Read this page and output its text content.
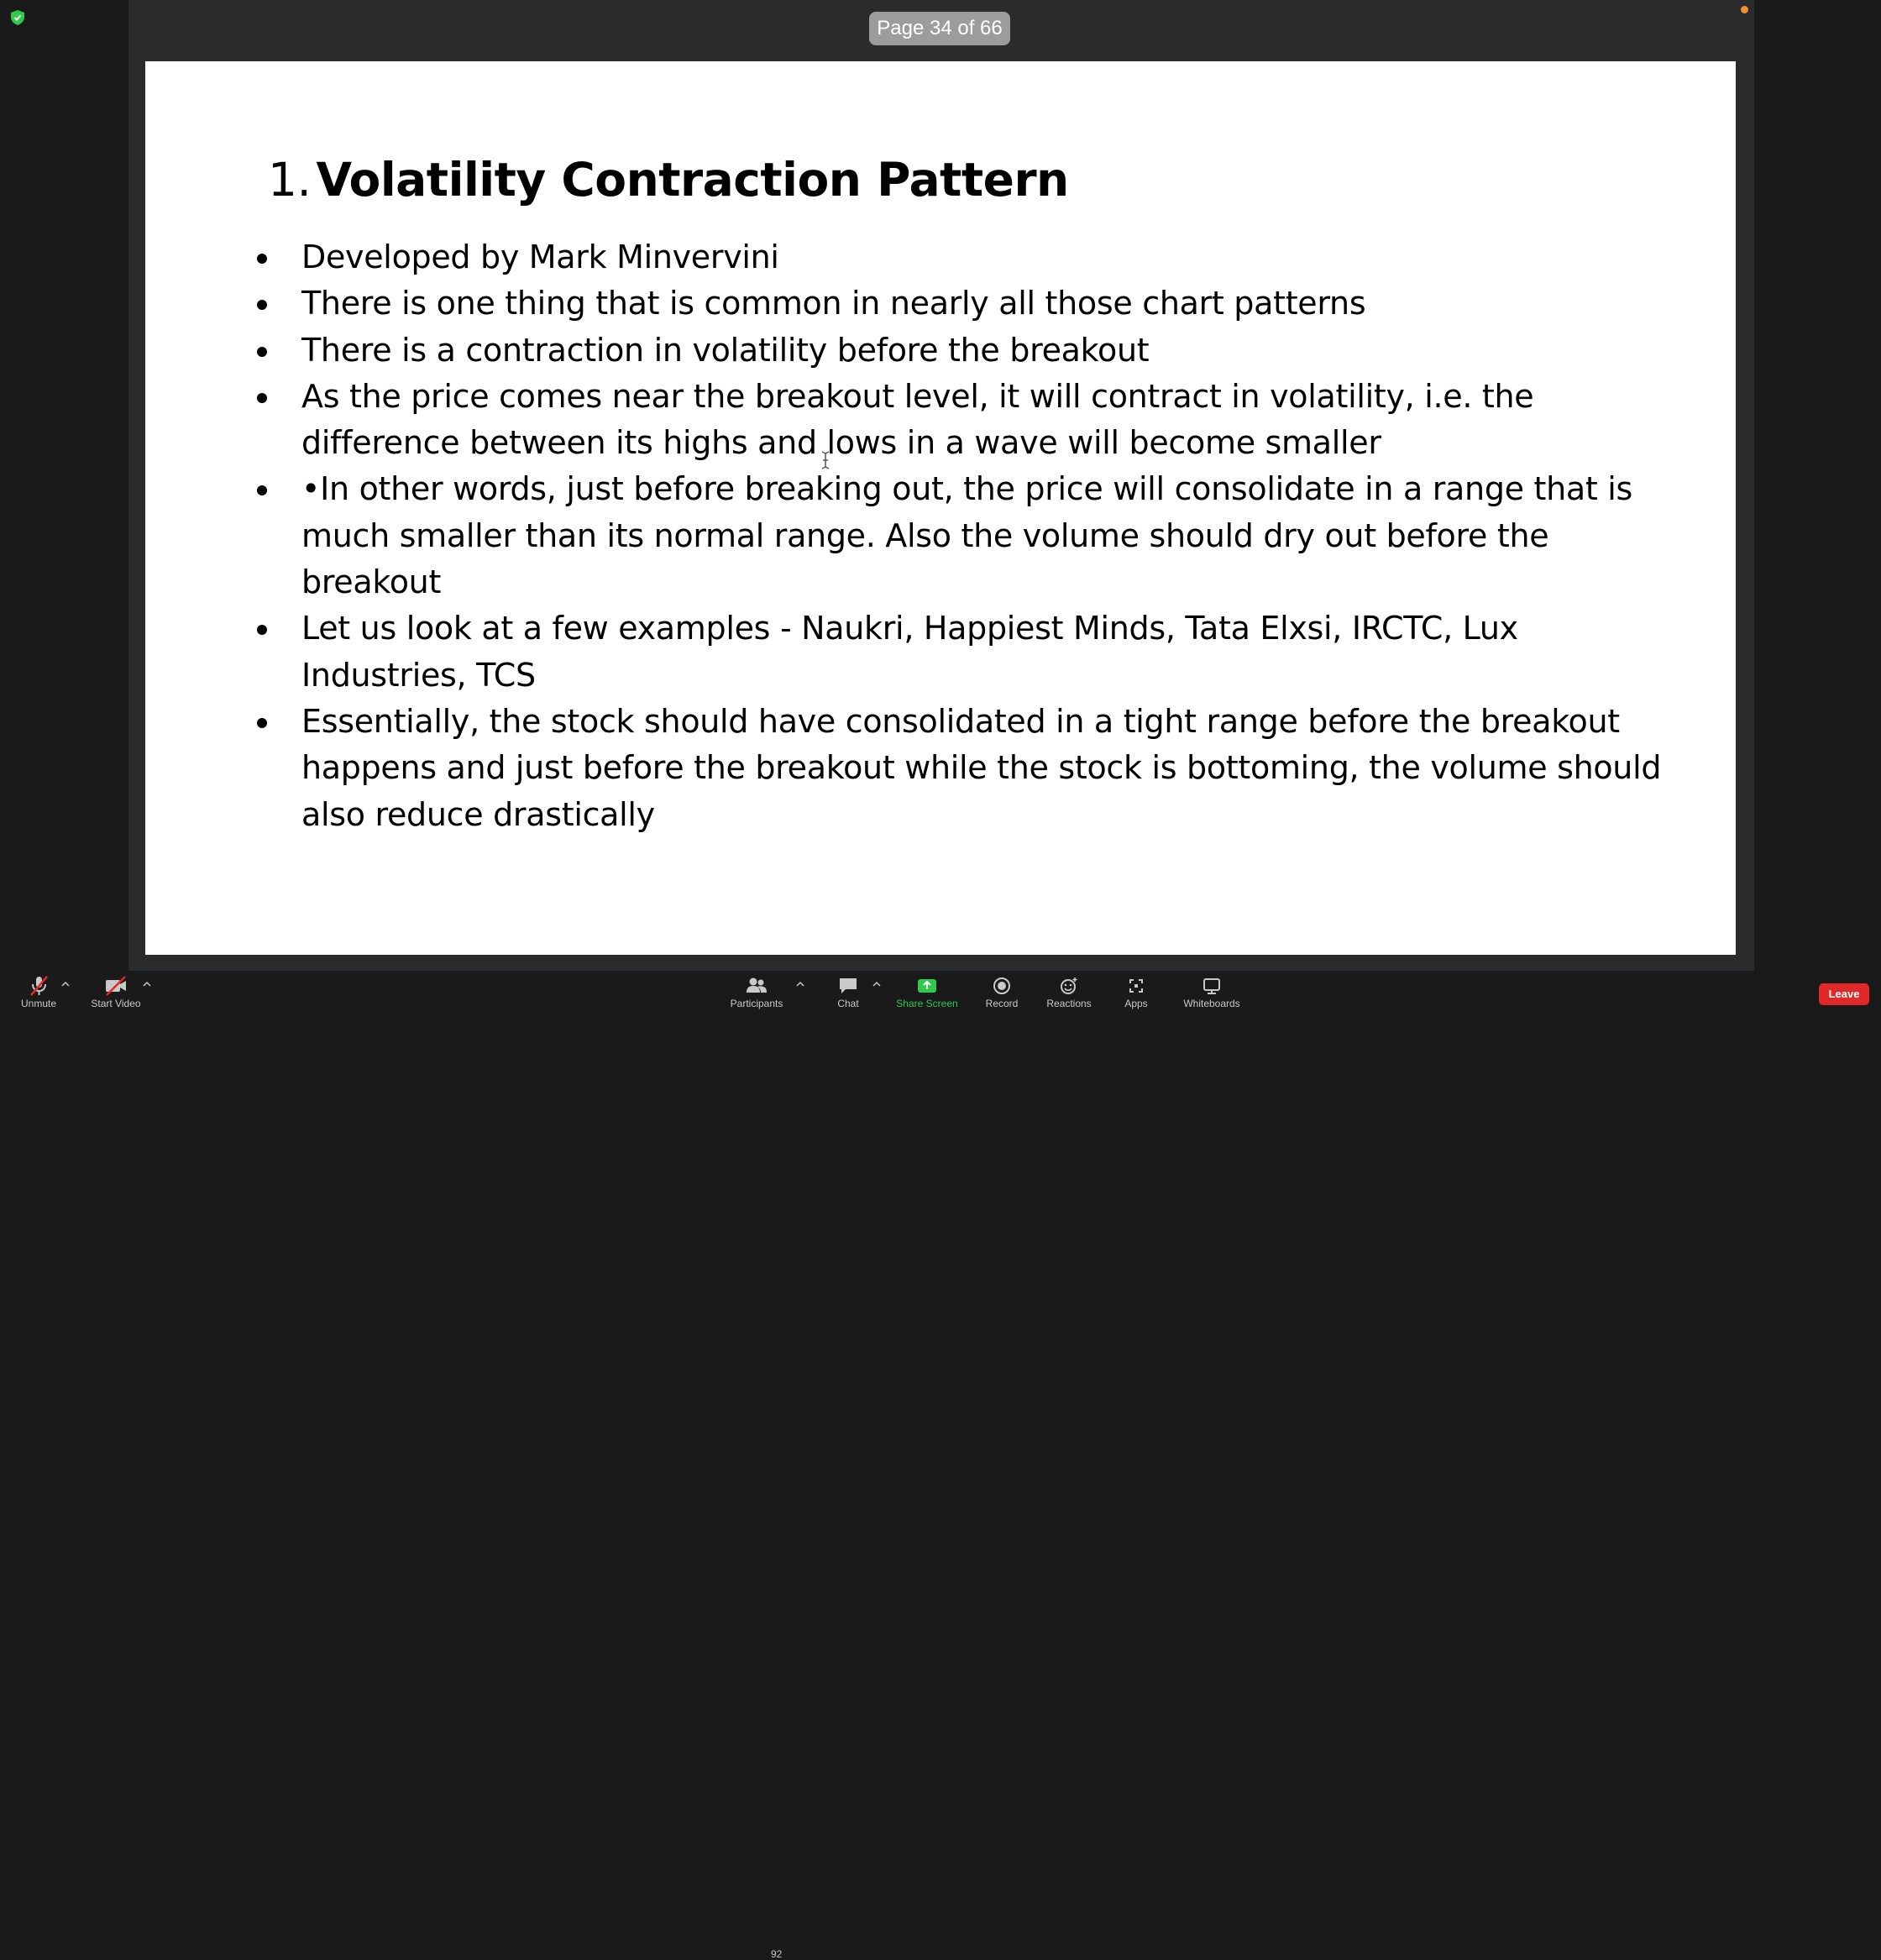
Page 34 of 66
1. Volatility Contraction Pattern
Developed by Mark Minvervini
There is one thing that is common in nearly all those chart patterns
There is a contraction in volatility before the breakout
As the price comes near the breakout level, it will contract in volatility, i.e. the difference between its highs and lows in a wave will become smaller
•In other words, just before breaking out, the price will consolidate in a range that is much smaller than its normal range. Also the volume should dry out before the breakout
Let us look at a few examples - Naukri, Happiest Minds, Tata Elxsi, IRCTC, Lux Industries, TCS
Essentially, the stock should have consolidated in a tight range before the breakout happens and just before the breakout while the stock is bottoming, the volume should also reduce drastically
Unmute	Start Video	Participants
92
Chat	Share Screen	Record	Reactions	Apps	Whiteboards
Leave
